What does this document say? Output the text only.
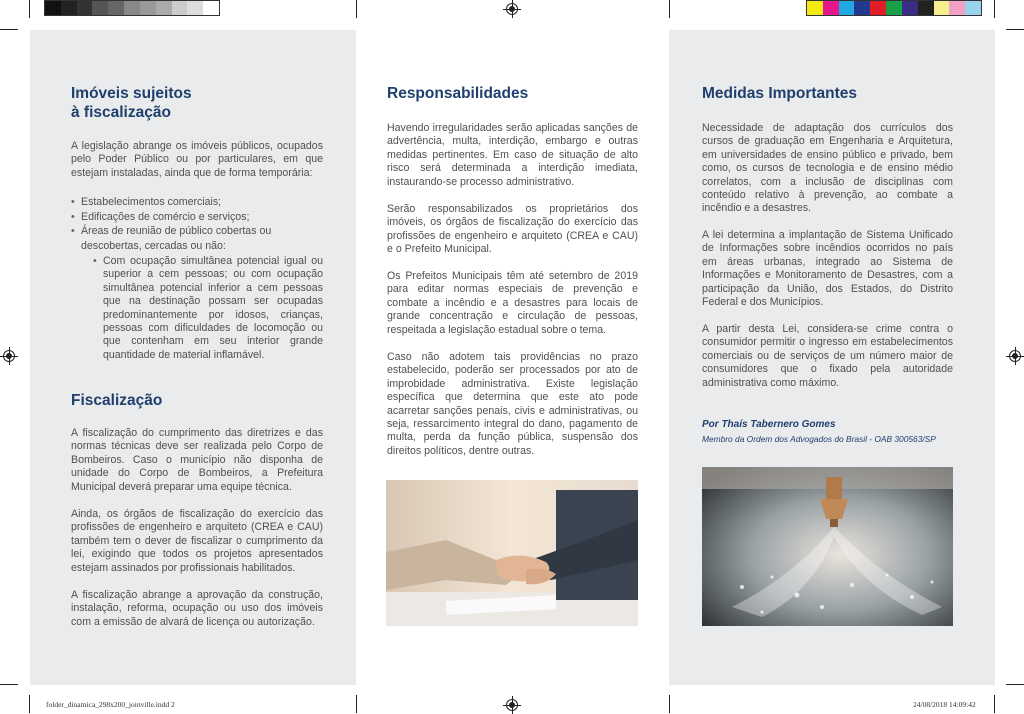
Imóveis sujeitos
à fiscalização

A legislação abrange os imóveis públicos, ocupados pelo Poder Público ou por particulares, em que estejam instaladas, ainda que de forma temporária:

• Estabelecimentos comerciais;
• Edificações de comércio e serviços;
• Áreas de reunião de público cobertas ou descobertas, cercadas ou não:
• Com ocupação simultânea potencial igual ou superior a cem pessoas; ou com ocupação simultânea potencial inferior a cem pessoas que na destinação possam ser ocupadas predominantemente por idosos, crianças, pessoas com dificuldades de locomoção ou que contenham em seu interior grande quantidade de material inflamável.
Fiscalização

A fiscalização do cumprimento das diretrizes e das normas técnicas deve ser realizada pelo Corpo de Bombeiros. Caso o município não disponha de unidade do Corpo de Bombeiros, a Prefeitura Municipal deverá preparar uma equipe técnica.

Ainda, os órgãos de fiscalização do exercício das profissões de engenheiro e arquiteto (CREA e CAU) também tem o dever de fiscalizar o cumprimento da lei, exigindo que todos os projetos apresentados estejam assinados por profissionais habilitados.

A fiscalização abrange a aprovação da construção, instalação, reforma, ocupação ou uso dos imóveis com a emissão de alvará de licença ou autorização.

Responsabilidades

Havendo irregularidades serão aplicadas sanções de advertência, multa, interdição, embargo e outras medidas pertinentes. Em caso de situação de alto risco será determinada a interdição imediata, instaurando-se processo administrativo.

Serão responsabilizados os proprietários dos imóveis, os órgãos de fiscalização do exercício das profissões de engenheiro e arquiteto (CREA e CAU) e o Prefeito Municipal.

Os Prefeitos Municipais têm até setembro de 2019 para editar normas especiais de prevenção e combate a incêndio e a desastres para locais de grande concentração e circulação de pessoas, respeitada a legislação estadual sobre o tema.

Caso não adotem tais providências no prazo estabelecido, poderão ser processados por ato de improbidade administrativa. Existe legislação específica que determina que este ato pode acarretar sanções penais, civis e administrativas, ou seja, ressarcimento integral do dano, pagamento de multa, perda da função pública, suspensão dos direitos políticos, dentre outras.

Medidas Importantes

Necessidade de adaptação dos currículos dos cursos de graduação em Engenharia e Arquitetura, em universidades de ensino público e privado, bem como, os cursos de tecnologia e de ensino médio correlatos, com a inclusão de disciplinas com conteúdo relativo à prevenção, ao combate a incêndio e a desastres.

A lei determina a implantação de Sistema Unificado de Informações sobre incêndios ocorridos no país em áreas urbanas, integrado ao Sistema de Informações e Monitoramento de Desastres, com a participação da União, dos Estados, do Distrito Federal e dos Municípios.

A partir desta Lei, considera-se crime contra o consumidor permitir o ingresso em estabelecimentos comerciais ou de serviços de um número maior de consumidores que o fixado pela autoridade administrativa como máximo.

Por Thaís Tabernero Gomes
Membro da Ordem dos Advogados do Brasil - OAB 300563/SP
folder_dinamica_298x200_joinville.indd 2	24/08/2018 14:09:42
